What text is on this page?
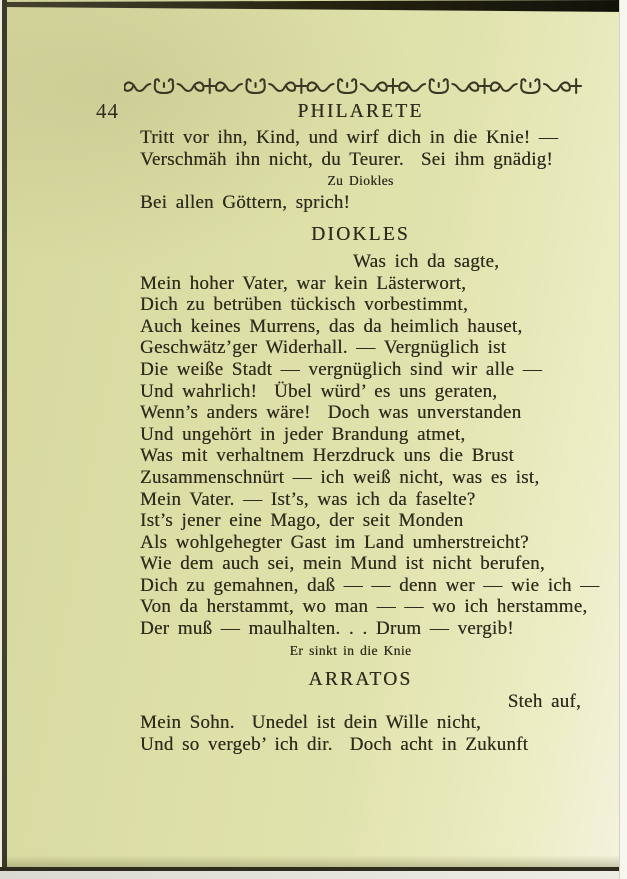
44	PHILARETE
Tritt vor ihn, Kind, und wirf dich in die Knie! —
Verschmäh ihn nicht, du Teurer.  Sei ihm gnädig!
Zu Diokles
Bei allen Göttern, sprich!
DIOKLES
Was ich da sagte,
Mein hoher Vater, war kein Lästerwort,
Dich zu betrüben tückisch vorbestimmt,
Auch keines Murrens, das da heimlich hauset,
Geschwätz’ger Widerhall. — Vergnüglich ist
Die weiße Stadt — vergnüglich sind wir alle —
Und wahrlich!  Übel würd’ es uns geraten,
Wenn’s anders wäre!  Doch was unverstanden
Und ungehört in jeder Brandung atmet,
Was mit verhaltnem Herzdruck uns die Brust
Zusammenschnürt — ich weiß nicht, was es ist,
Mein Vater. — Ist’s, was ich da faselte?
Ist’s jener eine Mago, der seit Monden
Als wohlgehegter Gast im Land umherstreicht?
Wie dem auch sei, mein Mund ist nicht berufen,
Dich zu gemahnen, daß — — denn wer — wie ich —
Von da herstammt, wo man — — wo ich herstamme,
Der muß — maulhalten. . . Drum — vergib!
Er sinkt in die Knie
ARRATOS
Steh auf,
Mein Sohn.  Unedel ist dein Wille nicht,
Und so vergeb’ ich dir.  Doch acht in Zukunft
